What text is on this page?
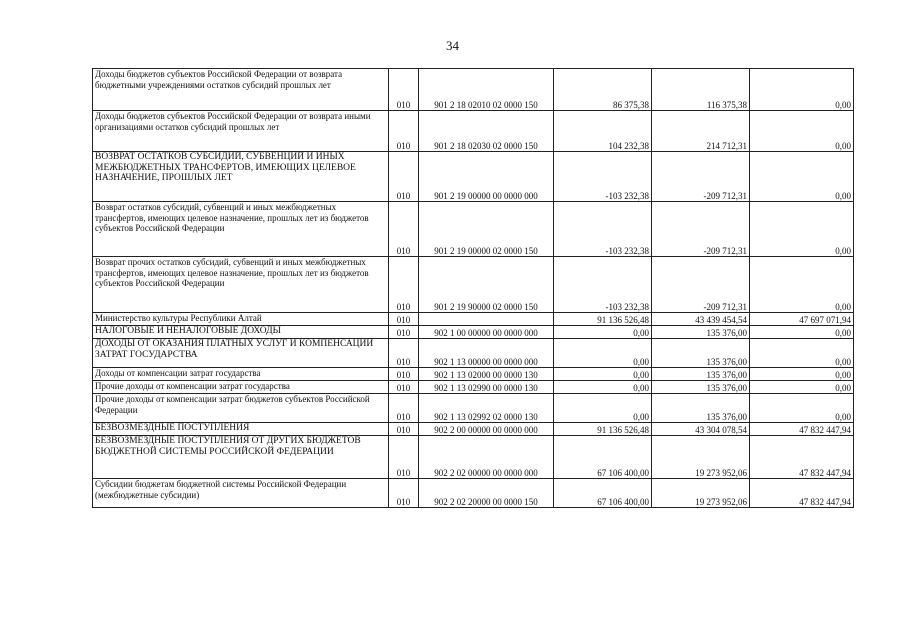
34
Доходы бюджетов субъектов Российской Федерации от возврата бюджетными учреждениями остатков субсидий прошлых лет	010	901 2 18 02010 02 0000 150	86 375,38	116 375,38	0,00
Доходы бюджетов субъектов Российской Федерации от возврата иными организациями остатков субсидий прошлых лет	010	901 2 18 02030 02 0000 150	104 232,38	214 712,31	0,00
ВОЗВРАТ ОСТАТКОВ СУБСИДИЙ, СУБВЕНЦИЙ И ИНЫХ МЕЖБЮДЖЕТНЫХ ТРАНСФЕРТОВ, ИМЕЮЩИХ ЦЕЛЕВОЕ НАЗНАЧЕНИЕ, ПРОШЛЫХ ЛЕТ	010	901 2 19 00000 00 0000 000	-103 232,38	-209 712,31	0,00
Возврат остатков субсидий, субвенций и иных межбюджетных трансфертов, имеющих целевое назначение, прошлых лет из бюджетов субъектов Российской Федерации	010	901 2 19 00000 02 0000 150	-103 232,38	-209 712,31	0,00
Возврат прочих остатков субсидий, субвенций и иных межбюджетных трансфертов, имеющих целевое назначение, прошлых лет из бюджетов субъектов Российской Федерации	010	901 2 19 90000 02 0000 150	-103 232,38	-209 712,31	0,00
Министерство культуры Республики Алтай	010		91 136 526,48	43 439 454,54	47 697 071,94
НАЛОГОВЫЕ И НЕНАЛОГОВЫЕ ДОХОДЫ	010	902 1 00 00000 00 0000 000	0,00	135 376,00	0,00
ДОХОДЫ ОТ ОКАЗАНИЯ ПЛАТНЫХ УСЛУГ И КОМПЕНСАЦИИ ЗАТРАТ ГОСУДАРСТВА	010	902 1 13 00000 00 0000 000	0,00	135 376,00	0,00
Доходы от компенсации затрат государства	010	902 1 13 02000 00 0000 130	0,00	135 376,00	0,00
Прочие доходы от компенсации затрат государства	010	902 1 13 02990 00 0000 130	0,00	135 376,00	0,00
Прочие доходы от компенсации затрат бюджетов субъектов Российской Федерации	010	902 1 13 02992 02 0000 130	0,00	135 376,00	0,00
БЕЗВОЗМЕЗДНЫЕ ПОСТУПЛЕНИЯ	010	902 2 00 00000 00 0000 000	91 136 526,48	43 304 078,54	47 832 447,94
БЕЗВОЗМЕЗДНЫЕ ПОСТУПЛЕНИЯ ОТ ДРУГИХ БЮДЖЕТОВ БЮДЖЕТНОЙ СИСТЕМЫ РОССИЙСКОЙ ФЕДЕРАЦИИ	010	902 2 02 00000 00 0000 000	67 106 400,00	19 273 952,06	47 832 447,94
Субсидии бюджетам бюджетной системы Российской Федерации (межбюджетные субсидии)	010	902 2 02 20000 00 0000 150	67 106 400,00	19 273 952,06	47 832 447,94
